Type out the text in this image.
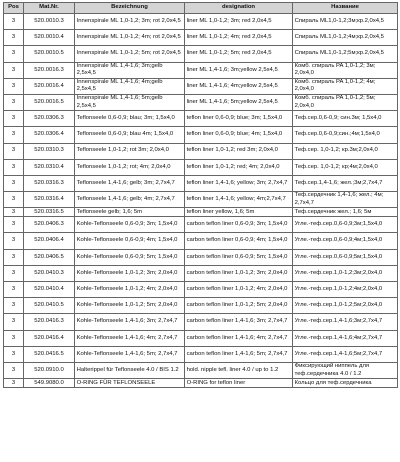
Pos	Mat.Nr.	Bezeichnung	designation	Название
3	520.0010.3	Innenspirale ML 1,0-1,2; 3m; rot 2,0x4,5	liner ML 1,0-1,2; 3m; red 2,0x4,5	Спираль ML1,0-1,2;3м;кр.2,0x4,5
3	520.0010.4	Innenspirale ML 1,0-1,2; 4m; rot 2,0x4,5	liner ML 1,0-1,2; 4m; red 2,0x4,5	Спираль ML1,0-1,2;4м;кр.2,0x4,5
3	520.0010.5	Innenspirale ML 1,0-1,2; 5m; rot 2,0x4,5	liner ML 1,0-1,2; 5m; red 2,0x4,5	Спираль ML1,0-1,2;5м;кр.2,0x4,5
3	520.0016.3	Innenspirale ML 1,4-1,6; 3m;gelb 2,5x4,5	liner ML 1,4-1,6; 3m;yellow 2,5x4,5	Комб. спираль PA 1,0-1,2; 3м; 2,0x4,0
3	520.0016.4	Innenspirale ML 1,4-1,6; 4m;gelb 2,5x4,5	liner ML 1,4-1,6; 4m;yellow 2,5x4,5	Комб. спираль PA 1,0-1,2; 4м; 2,0x4,0
3	520.0016.5	Innenspirale ML 1,4-1,6; 5m;gelb 2,5x4,5	liner ML 1,4-1,6; 5m;yellow 2,5x4,5	Комб. спираль PA 1,0-1,2; 5м; 2,0x4,0
3	520.0306.3	Teflonseele 0,6-0,9; blau; 3m; 1,5x4,0	teflon liner 0,6-0,9; blue; 3m; 1,5x4,0	Теф.сер.0,6-0,9; син.3м; 1,5x4,0
3	520.0306.4	Teflonseele 0,6-0,9; blau 4m; 1,5x4,0	teflon liner 0,6-0,9; blue; 4m; 1,5x4,0	Теф.сер.0,6-0,9;син.;4м;1,5x4,0
3	520.0310.3	Teflonseele 1,0-1,2; rot 3m; 2,0x4,0	teflon liner 1,0-1,2; red 3m; 2,0x4,0	Теф.сер. 1,0-1,2; кр.3м;2,0x4,0
3	520.0310.4	Teflonseele 1,0-1,2; rot; 4m; 2,0x4,0	teflon liner 1,0-1,2; red; 4m; 2,0x4,0	Теф.сер. 1,0-1,2; кр;4м;2,0x4,0
3	520.0316.3	Teflonseele 1,4-1,6; gelb; 3m; 2,7x4,7	teflon liner 1,4-1,6; yellow; 3m; 2,7x4,7	Теф.сер.1,4-1,6; жел.;3м;2,7x4,7
3	520.0316.4	Teflonseele 1,4-1,6; gelb; 4m; 2,7x4,7	teflon liner 1,4-1,6; yellow; 4m;2,7x4,7	Теф.сердечник 1,4-1,6; жел.; 4м; 2,7x4,7
3	520.0316.5	Teflonseele gelb; 1,6; 5m	teflon liner yellow, 1,6; 5m	Теф.сердечник жел.; 1,6; 5м
3	520.0406.3	Kohle-Teflonseele 0,6-0,9; 3m; 1,5x4,0	carbon teflon liner 0,6-0,9; 3m; 1,5x4,0	Угле.-теф.сер.0,6-0,9;3м;1,5x4,0
3	520.0406.4	Kohle-Teflonseele 0,6-0,9; 4m; 1,5x4,0	carbon teflon liner 0,6-0,9; 4m; 1,5x4,0	Угле.-теф.сер.0,6-0,9;4м;1,5x4,0
3	520.0406.5	Kohle-Teflonseele 0,6-0,9; 5m; 1,5x4,0	carbon teflon liner 0,6-0,9; 5m; 1,5x4,0	Угле.-теф.сер.0,6-0,9;5м;1,5x4,0
3	520.0410.3	Kohle-Teflonseele 1,0-1,2; 3m; 2,0x4,0	carbon teflon liner 1,0-1,2; 3m; 2,0x4,0	Угле.-теф.сер.1,0-1,2;3м;2,0x4,0
3	520.0410.4	Kohle-Teflonseele 1,0-1,2; 4m; 2,0x4,0	carbon teflon liner 1,0-1,2; 4m; 2,0x4,0	Угле.-теф.сер.1,0-1,2;4м;2,0x4,0
3	520.0410.5	Kohle-Teflonseele 1,0-1,2; 5m; 2,0x4,0	carbon teflon liner 1,0-1,2; 5m; 2,0x4,0	Угле.-теф.сер.1,0-1,2;5м;2,0x4,0
3	520.0416.3	Kohle-Teflonseele 1,4-1,6; 3m; 2,7x4,7	carbon teflon liner 1,4-1,6; 3m; 2,7x4,7	Угле.-теф.сер.1,4-1,6;3м;2,7x4,7
3	520.0416.4	Kohle-Teflonseele 1,4-1,6; 4m; 2,7x4,7	carbon teflon liner 1,4-1,6; 4m; 2,7x4,7	Угле.-теф.сер.1,4-1,6;4м;2,7x4,7
3	520.0416.5	Kohle-Teflonseele 1,4-1,6; 5m; 2,7x4,7	carbon teflon liner 1,4-1,6; 5m; 2,7x4,7	Угле.-теф.сер.1,4-1,6;5м;2,7x4,7
3	520.0910.0	Halterippel für Teflonseele 4.0 / BIS 1.2	hold. nipple tefl. liner 4.0 / up to 1.2	Фиксирующий ниппель для теф.сердечника 4.0 / 1.2
3	549.9080.0	O-RING FÜR TEFLONSEELE	O-RING for teflon liner	Кольцо для теф.сердечника
